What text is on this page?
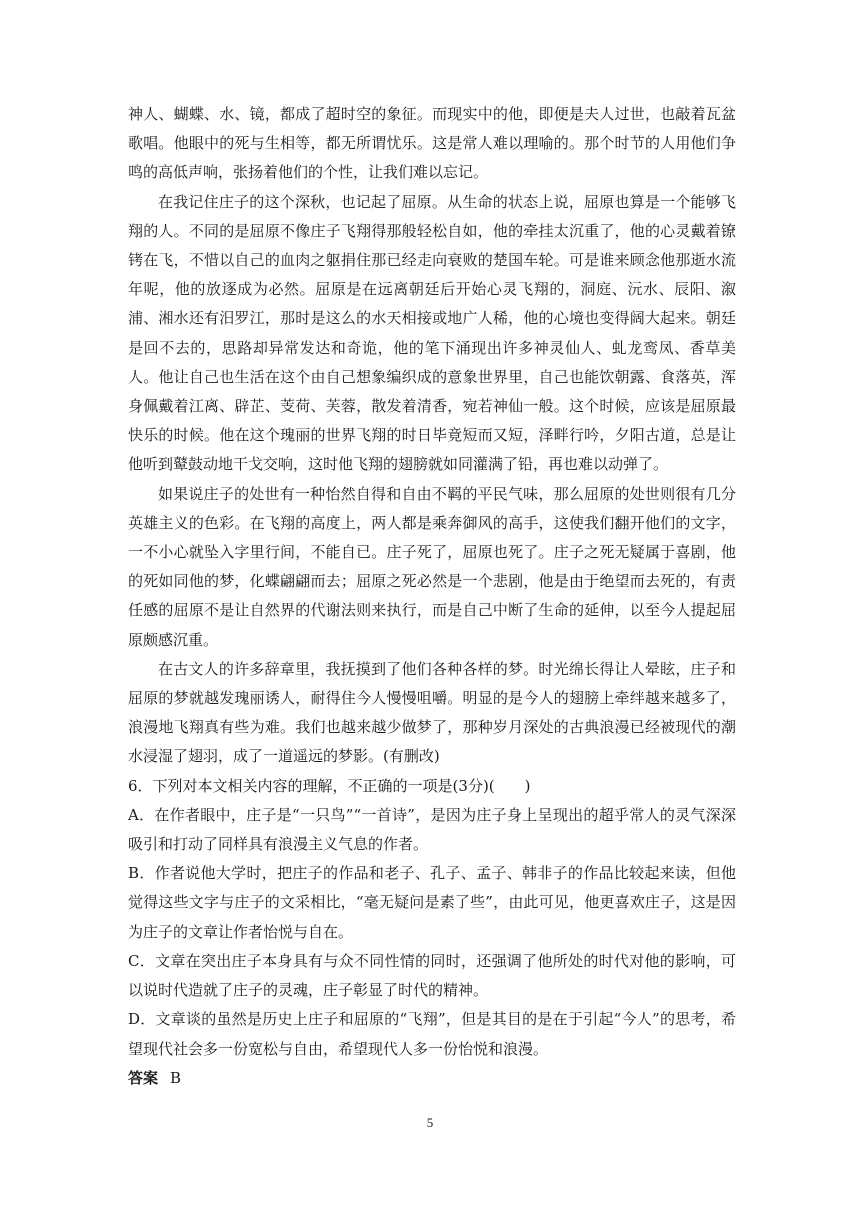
神人、蝴蝶、水、镜，都成了超时空的象征。而现实中的他，即便是夫人过世，也敲着瓦盆歌唱。他眼中的死与生相等，都无所谓忧乐。这是常人难以理喻的。那个时节的人用他们争鸣的高低声响，张扬着他们的个性，让我们难以忘记。

在我记住庄子的这个深秋，也记起了屈原。从生命的状态上说，屈原也算是一个能够飞翔的人。不同的是屈原不像庄子飞翔得那般轻松自如，他的牵挂太沉重了，他的心灵戴着镣铐在飞，不惜以自己的血肉之躯捐住那已经走向衰败的楚国车轮。可是谁来顾念他那逝水流年呢，他的放逐成为必然。屈原是在远离朝廷后开始心灵飞翔的，洞庭、沅水、辰阳、溆浦、湘水还有汨罗江，那时是这么的水天相接或地广人稀，他的心境也变得阔大起来。朝廷是回不去的，思路却异常发达和奇诡，他的笔下涌现出许多神灵仙人、虬龙鸾凤、香草美人。他让自己也生活在这个由自己想象编织成的意象世界里，自己也能饮朝露、食落英，浑身佩戴着江离、辟芷、芰荷、芙蓉，散发着清香，宛若神仙一般。这个时候，应该是屈原最快乐的时候。他在这个瑰丽的世界飞翔的时日毕竟短而又短，泽畔行吟，夕阳古道，总是让他听到鼙鼓动地干戈交响，这时他飞翔的翅膀就如同灌满了铅，再也难以动弹了。

如果说庄子的处世有一种怡然自得和自由不羁的平民气味，那么屈原的处世则很有几分英雄主义的色彩。在飞翔的高度上，两人都是乘奔御风的高手，这使我们翻开他们的文字，一不小心就坠入字里行间，不能自已。庄子死了，屈原也死了。庄子之死无疑属于喜剧，他的死如同他的梦，化蝶翩翩而去；屈原之死必然是一个悲剧，他是由于绝望而去死的，有责任感的屈原不是让自然界的代谢法则来执行，而是自己中断了生命的延伸，以至今人提起屈原颇感沉重。

在古文人的许多辞章里，我抚摸到了他们各种各样的梦。时光绵长得让人晕眩，庄子和屈原的梦就越发瑰丽诱人，耐得住今人慢慢咀嚼。明显的是今人的翅膀上牵绊越来越多了，浪漫地飞翔真有些为难。我们也越来越少做梦了，那种岁月深处的古典浪漫已经被现代的潮水浸湿了翅羽，成了一道遥远的梦影。(有删改)

6．下列对本文相关内容的理解，不正确的一项是(3分)(　　)

A．在作者眼中，庄子是“一只鸟”“一首诗”，是因为庄子身上呈现出的超乎常人的灵气深深吸引和打动了同样具有浪漫主义气息的作者。

B．作者说他大学时，把庄子的作品和老子、孔子、孟子、韩非子的作品比较起来读，但他觉得这些文字与庄子的文采相比，“毫无疑问是素了些”，由此可见，他更喜欢庄子，这是因为庄子的文章让作者怡悦与自在。

C．文章在突出庄子本身具有与众不同性情的同时，还强调了他所处的时代对他的影响，可以说时代造就了庄子的灵魂，庄子彰显了时代的精神。

D．文章谈的虽然是历史上庄子和屈原的“飞翔”，但是其目的是在于引起“今人”的思考，希望现代社会多一份宽松与自由，希望现代人多一份怡悦和浪漫。

答案 B

5
